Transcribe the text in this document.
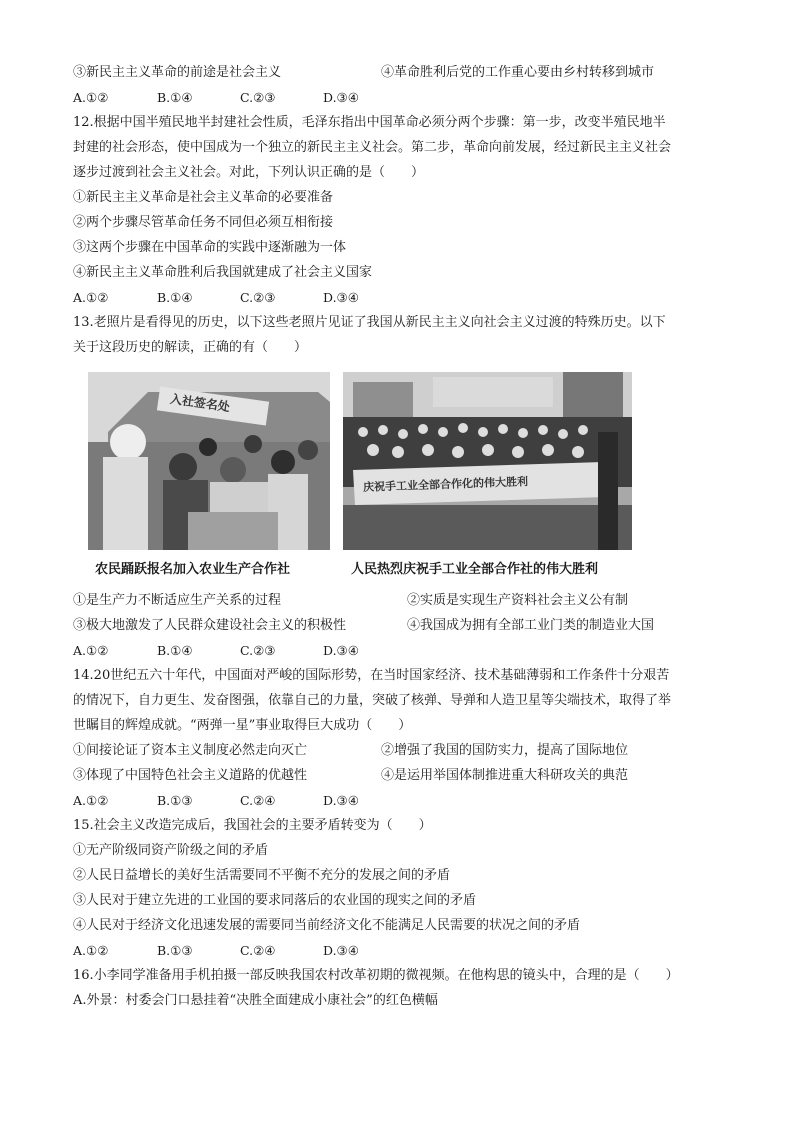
③新民主主义革命的前途是社会主义	④革命胜利后党的工作重心要由乡村转移到城市
A.①②	B.①④	C.②③	D.③④
12.根据中国半殖民地半封建社会性质，毛泽东指出中国革命必须分两个步骤：第一步，改变半殖民地半
封建的社会形态，使中国成为一个独立的新民主主义社会。第二步，革命向前发展，经过新民主主义社会
逐步过渡到社会主义社会。对此，下列认识正确的是（　　）
①新民主主义革命是社会主义革命的必要准备
②两个步骤尽管革命任务不同但必须互相衔接
③这两个步骤在中国革命的实践中逐渐融为一体
④新民主主义革命胜利后我国就建成了社会主义国家
A.①②	B.①④	C.②③	D.③④
13.老照片是看得见的历史，以下这些老照片见证了我国从新民主主义向社会主义过渡的特殊历史。以下
关于这段历史的解读，正确的有（　　）
入社签名处
庆祝手工业全部合作化的伟大胜利
农民踊跃报名加入农业生产合作社	人民热烈庆祝手工业全部合作社的伟大胜利
①是生产力不断适应生产关系的过程	②实质是实现生产资料社会主义公有制
③极大地激发了人民群众建设社会主义的积极性	④我国成为拥有全部工业门类的制造业大国
A.①②	B.①④	C.②③	D.③④
14.20世纪五六十年代，中国面对严峻的国际形势，在当时国家经济、技术基础薄弱和工作条件十分艰苦
的情况下，自力更生、发奋图强，依靠自己的力量，突破了核弹、导弹和人造卫星等尖端技术，取得了举
世瞩目的辉煌成就。“两弹一星”事业取得巨大成功（　　）
①间接论证了资本主义制度必然走向灭亡	②增强了我国的国防实力，提高了国际地位
③体现了中国特色社会主义道路的优越性	④是运用举国体制推进重大科研攻关的典范
A.①②	B.①③	C.②④	D.③④
15.社会主义改造完成后，我国社会的主要矛盾转变为（　　）
①无产阶级同资产阶级之间的矛盾
②人民日益增长的美好生活需要同不平衡不充分的发展之间的矛盾
③人民对于建立先进的工业国的要求同落后的农业国的现实之间的矛盾
④人民对于经济文化迅速发展的需要同当前经济文化不能满足人民需要的状况之间的矛盾
A.①②	B.①③	C.②④	D.③④
16.小李同学准备用手机拍摄一部反映我国农村改革初期的微视频。在他构思的镜头中，合理的是（　　）
A.外景：村委会门口悬挂着“决胜全面建成小康社会”的红色横幅
